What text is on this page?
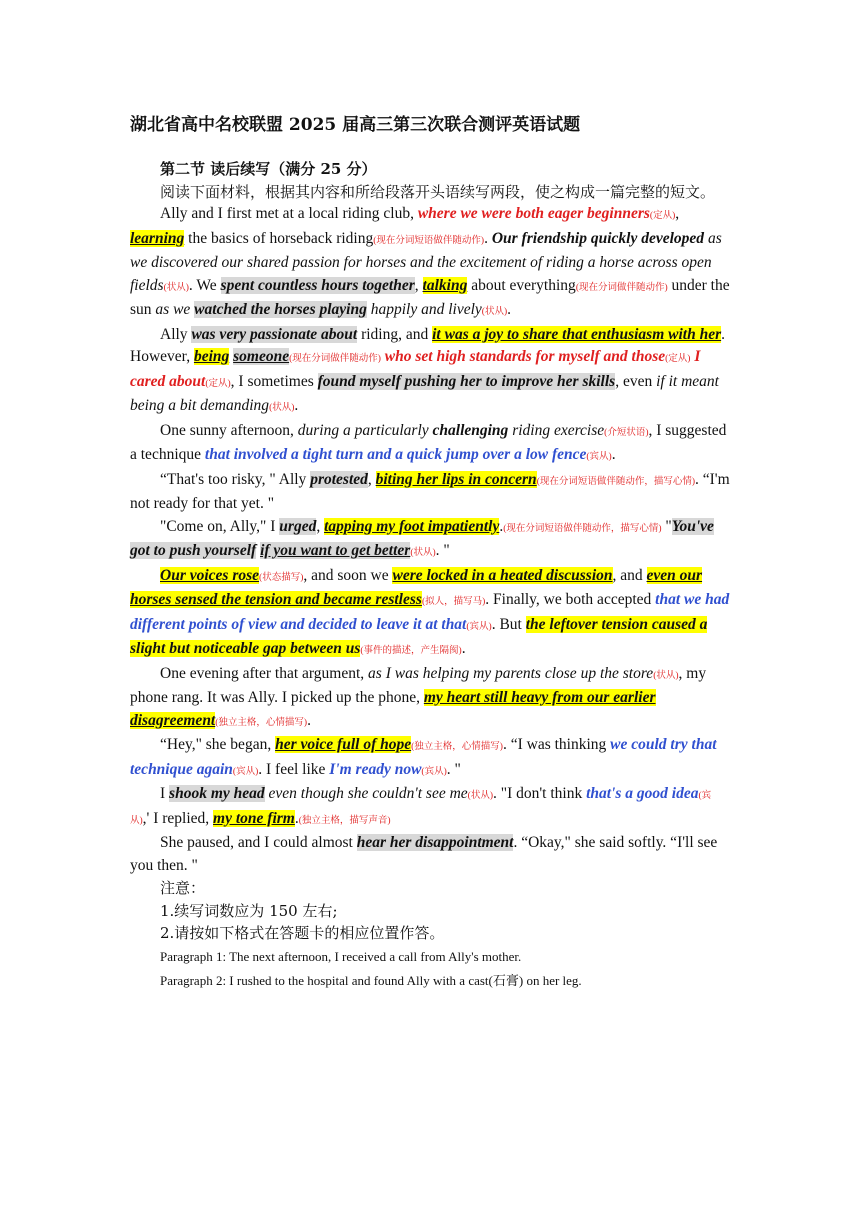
湖北省高中名校联盟 2025 届高三第三次联合测评英语试题
第二节 读后续写（满分 25 分）

阅读下面材料，根据其内容和所给段落开头语续写两段，使之构成一篇完整的短文。

Ally and I first met at a local riding club, where we were both eager beginners(定从), learning the basics of horseback riding(现在分词短语做伴随动作). Our friendship quickly developed as we discovered our shared passion for horses and the excitement of riding a horse across open fields(状从). We spent countless hours together, talking about everything(现在分词做伴随动作) under the sun as we watched the horses playing happily and lively(状从).

Ally was very passionate about riding, and it was a joy to share that enthusiasm with her. However, being someone(现在分词做伴随动作) who set high standards for myself and those(定从) I cared about(定从), I sometimes found myself pushing her to improve her skills, even if it meant being a bit demanding(状从).

One sunny afternoon, during a particularly challenging riding exercise(介短状语), I suggested a technique that involved a tight turn and a quick jump over a low fence(宾从).

“That's too risky, " Ally protested, biting her lips in concern(现在分词短语做伴随动作，描写心情). “I'm not ready for that yet. "

"Come on, Ally," I urged, tapping my foot impatiently.(现在分词短语做伴随动作，描写心情) "You've got to push yourself if you want to get better(状从). "

Our voices rose(状态描写), and soon we were locked in a heated discussion, and even our horses sensed the tension and became restless(拟人，描写马). Finally, we both accepted that we had different points of view and decided to leave it at that(宾从). But the leftover tension caused a slight but noticeable gap between us(事件的描述，产生隔阂).

One evening after that argument, as I was helping my parents close up the store(状从), my phone rang. It was Ally. I picked up the phone, my heart still heavy from our earlier disagreement(独立主格，心情描写).

“Hey," she began, her voice full of hope(独立主格，心情描写). “I was thinking we could try that technique again(宾从). I feel like I'm ready now(宾从). "

I shook my head even though she couldn't see me(状从). "I don't think that's a good idea(宾从),' I replied, my tone firm.(独立主格，描写声音)

She paused, and I could almost hear her disappointment. “Okay," she said softly. “I'll see you then. "

注意：

1.续写词数应为 150 左右;

2.请按如下格式在答题卡的相应位置作答。

Paragraph 1: The next afternoon, I received a call from Ally's mother.

Paragraph 2: I rushed to the hospital and found Ally with a cast(石膏) on her leg.
